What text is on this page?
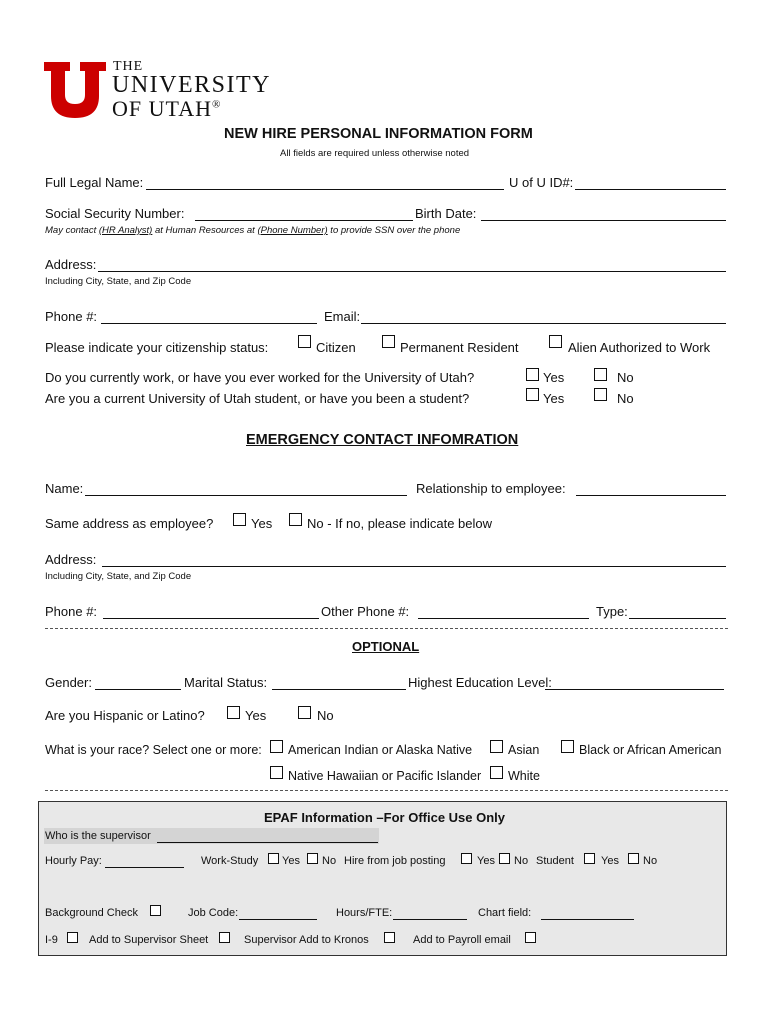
THE
UNIVERSITY
OF UTAH®
NEW HIRE PERSONAL INFORMATION FORM
All fields are required unless otherwise noted
Full Legal Name:	U of U ID#:
Social Security Number:	Birth Date:
May contact (HR Analyst) at Human Resources at (Phone Number) to provide SSN over the phone
Address:
Including City, State, and Zip Code
Phone #:	Email:
Please indicate your citizenship status:	Citizen	Permanent Resident	Alien Authorized to Work
Do you currently work, or have you ever worked for the University of Utah?	Yes	No
Are you a current University of Utah student, or have you been a student?	Yes	No
EMERGENCY CONTACT INFOMRATION
Name:	Relationship to employee:
Same address as employee?	Yes	No - If no, please indicate below
Address:
Including City, State, and Zip Code
Phone #:	Other Phone #:	Type:
OPTIONAL
Gender:	Marital Status:	Highest Education Level:
Are you Hispanic or Latino?	Yes	No
What is your race? Select one or more: American Indian or Alaska Native	Asian	Black or African American
Native Hawaiian or Pacific Islander White
EPAF Information –For Office Use Only
Who is the supervisor
Hourly Pay:	Work-Study Yes No Hire from job posting	Yes No Student Yes No
Background Check	Job Code:	Hours/FTE:	Chart field:
I-9	Add to Supervisor Sheet	Supervisor Add to Kronos	Add to Payroll email
